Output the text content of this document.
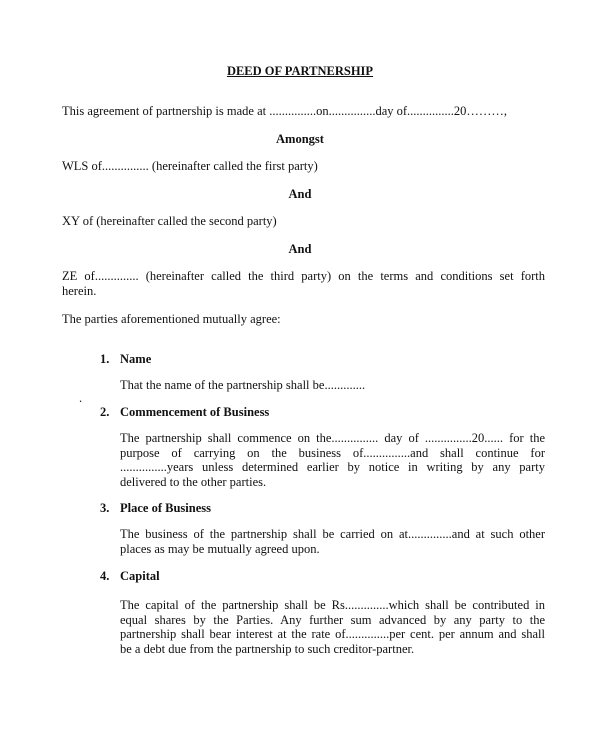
DEED OF PARTNERSHIP
This agreement of partnership is made at ...............on...............day of...............20………,
Amongst
WLS of............... (hereinafter called the first party)
And
XY of (hereinafter called the second party)
And
ZE of.............. (hereinafter called the third party) on the terms and conditions set forth
herein.
The parties aforementioned mutually agree:
1. Name
That the name of the partnership shall be.............
.
2. Commencement of Business
The partnership shall commence on the............... day of ...............20...... for the
purpose of carrying on the business of...............and shall continue for
...............years unless determined earlier by notice in writing by any party
delivered to the other parties.
3. Place of Business
The business of the partnership shall be carried on at..............and at such other
places as may be mutually agreed upon.
4. Capital
The capital of the partnership shall be Rs..............which shall be contributed in
equal shares by the Parties. Any further sum advanced by any party to the
partnership shall bear interest at the rate of..............per cent. per annum and shall
be a debt due from the partnership to such creditor-partner.
